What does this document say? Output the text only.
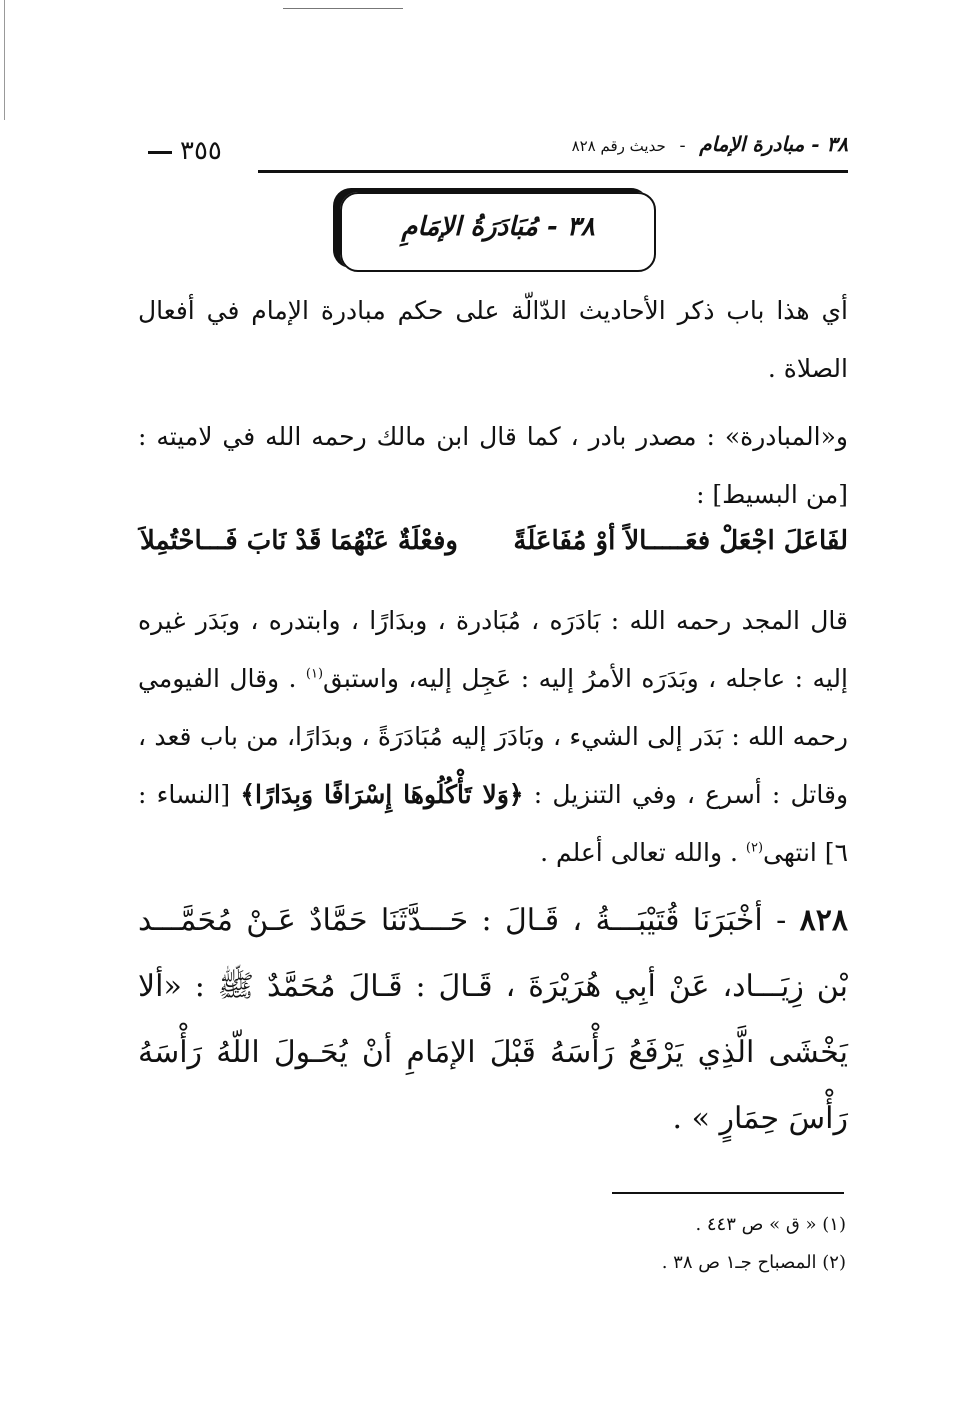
٣٨ - مبادرة الإمام - حديث رقم ٨٢٨
٣٥٥
٣٨ - مُبَادَرَةُ الإمَامِ
أي هذا باب ذكر الأحاديث الدّالّة على حكم مبادرة الإمام في أفعال الصلاة .
و«المبادرة» : مصدر بادر ، كما قال ابن مالك رحمه الله في لاميته : [من البسيط] :
لفَاعَلَ اجْعَلْ فعَـــــالاً أوْ مُفَاعَلَةً
وفعْلَةٌ عَنْهُمَا قَدْ نَابَ فَـــاحْتُمِلاَ
قال المجد رحمه الله : بَادَرَه ، مُبَادرة ، وبدَارًا ، وابتدره ، وبَدَر غيره إليه : عاجله ، وبَدَرَه الأمرُ إليه : عَجِل إليه، واستبق$^{(١)}$ . وقال الفيومي رحمه الله : بَدَر إلى الشيء ، وبَادَرَ إليه مُبَادَرَةً ، وبدَارًا، من باب قعد ، وقاتل : أسرع ، وفي التنزيل : ﴿وَلا تَأْكُلُوهَا إِسْرَافًا وَبِدَارًا﴾ [النساء : ٦] انتهى$^{(٢)}$ . والله تعالى أعلم .
٨٢٨ - أخْبَرَنَا قُتَيْبَـــةُ ، قَـالَ : حَـــدَّثَنَا حَمَّادٌ عَـنْ مُحَمَّـــد بْن زِيَـــاد، عَنْ أبِي هُرَيْرَةَ ، قَـالَ : قَـالَ مُحَمَّدٌ ﷺ : «ألا يَخْشَى الَّذِي يَرْفَعُ رَأْسَهُ قَبْلَ الإمَامِ أنْ يُحَـولَ اللّهُ رَأْسَهُ رَأْسَ حِمَارٍ » .
(١) « ق » ص ٤٤٣ .
(٢) المصباح جـ١ ص ٣٨ .
